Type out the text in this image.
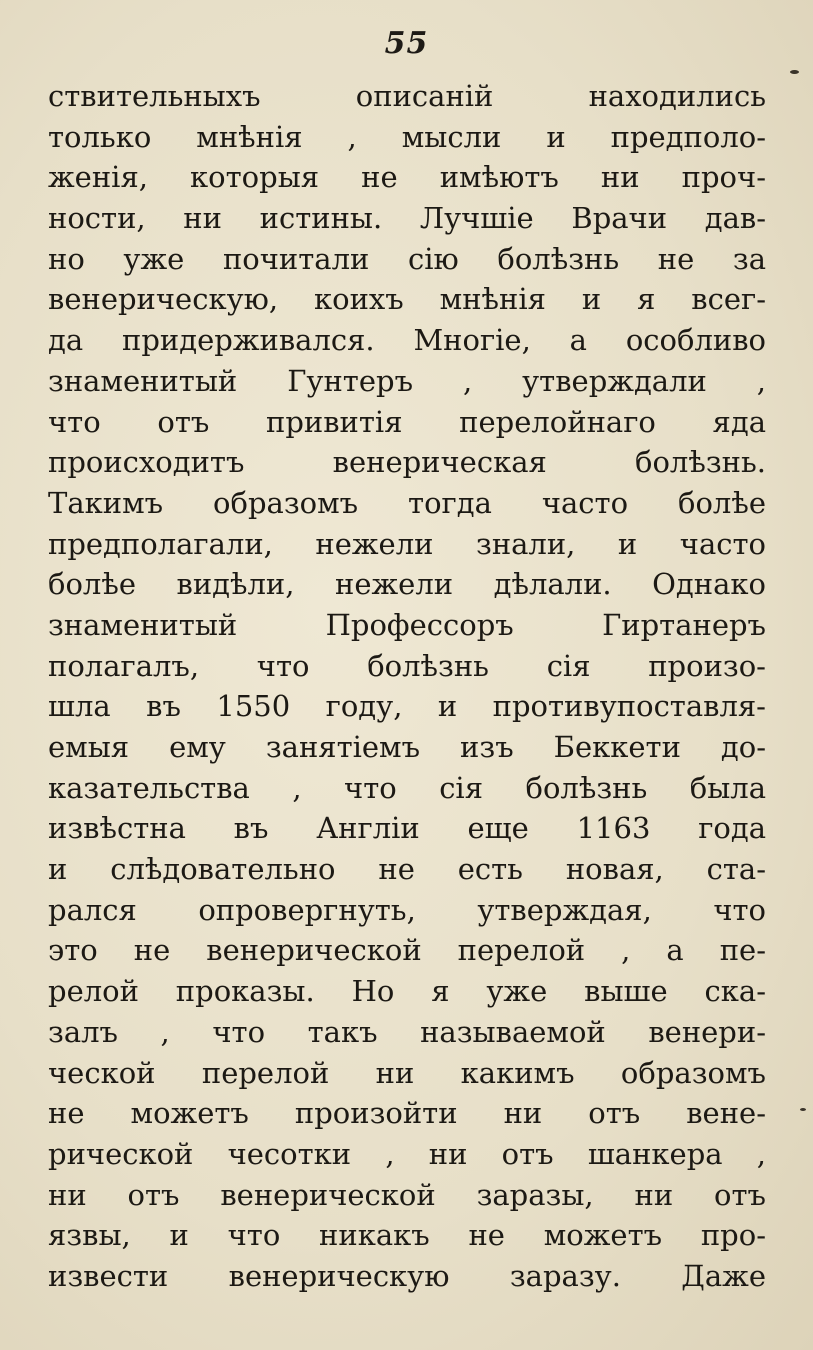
55
ствительныхъ описаній находились
только мнѣнія , мысли и предполо-
женія, которыя не имѣютъ ни проч-
ности, ни истины. Лучшіе Врачи дав-
но уже почитали сію болѣзнь не за
венерическую, коихъ мнѣнія и я всег-
да придерживался. Многіе, а особливо
знаменитый Гунтеръ , утверждали ,
что отъ привитія перелойнаго яда
происходитъ венерическая болѣзнь.
Такимъ образомъ тогда часто болѣе
предполагали, нежели знали, и часто
болѣе видѣли, нежели дѣлали. Однако
знаменитый Профессоръ Гиртанеръ
полагалъ, что болѣзнь сія произо-
шла въ 1550 году, и противупоставля-
емыя ему занятіемъ изъ Беккети до-
казательства , что сія болѣзнь была
извѣстна въ Англіи еще 1163 года
и слѣдовательно не есть новая, ста-
рался опровергнуть, утверждая, что
это не венерической перелой , а пе-
релой проказы. Но я уже выше ска-
залъ , что такъ называемой венери-
ческой перелой ни какимъ образомъ
не можетъ произойти ни отъ вене-
рической чесотки , ни отъ шанкера ,
ни отъ венерической заразы, ни отъ
язвы, и что никакъ не можетъ про-
извести венерическую заразу. Даже
